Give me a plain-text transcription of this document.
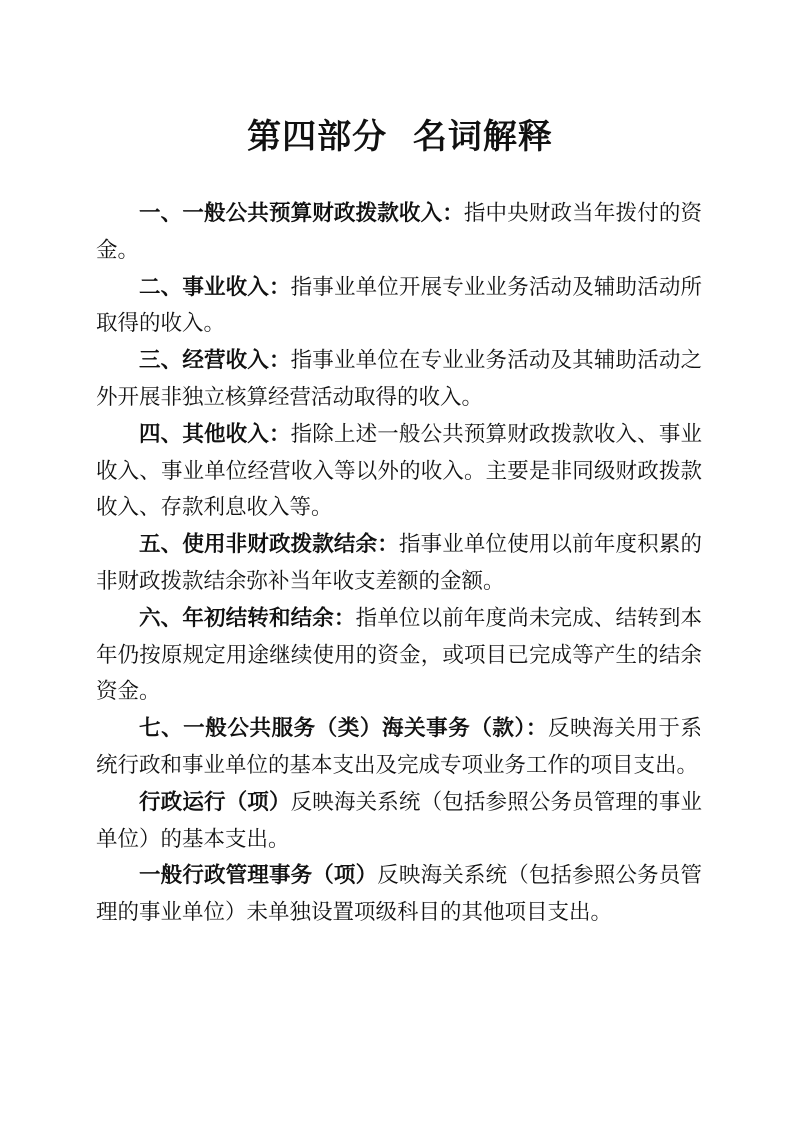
第四部分  名词解释

一、一般公共预算财政拨款收入：指中央财政当年拨付的资金。

二、事业收入：指事业单位开展专业业务活动及辅助活动所取得的收入。

三、经营收入：指事业单位在专业业务活动及其辅助活动之外开展非独立核算经营活动取得的收入。

四、其他收入：指除上述一般公共预算财政拨款收入、事业收入、事业单位经营收入等以外的收入。主要是非同级财政拨款收入、存款利息收入等。

五、使用非财政拨款结余：指事业单位使用以前年度积累的非财政拨款结余弥补当年收支差额的金额。

六、年初结转和结余：指单位以前年度尚未完成、结转到本年仍按原规定用途继续使用的资金，或项目已完成等产生的结余资金。

七、一般公共服务（类）海关事务（款）：反映海关用于系统行政和事业单位的基本支出及完成专项业务工作的项目支出。

行政运行（项）反映海关系统（包括参照公务员管理的事业单位）的基本支出。

一般行政管理事务（项）反映海关系统（包括参照公务员管理的事业单位）未单独设置项级科目的其他项目支出。
